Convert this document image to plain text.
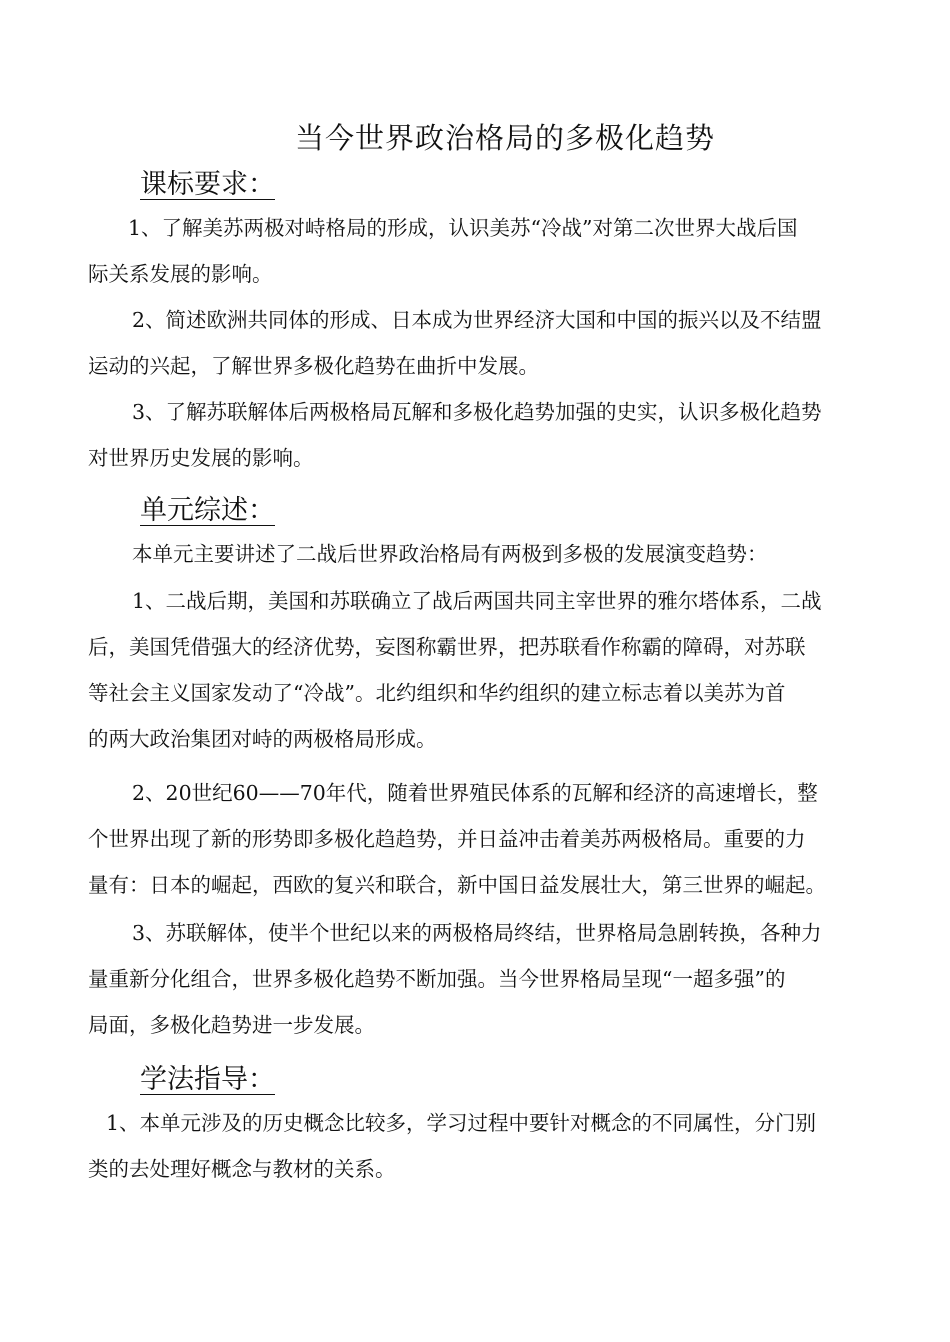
当今世界政治格局的多极化趋势
课标要求：
1、了解美苏两极对峙格局的形成，认识美苏“冷战”对第二次世界大战后国
际关系发展的影响。
2、简述欧洲共同体的形成、日本成为世界经济大国和中国的振兴以及不结盟
运动的兴起，了解世界多极化趋势在曲折中发展。
3、了解苏联解体后两极格局瓦解和多极化趋势加强的史实，认识多极化趋势
对世界历史发展的影响。
单元综述：
本单元主要讲述了二战后世界政治格局有两极到多极的发展演变趋势：
1、二战后期，美国和苏联确立了战后两国共同主宰世界的雅尔塔体系，二战
后，美国凭借强大的经济优势，妄图称霸世界，把苏联看作称霸的障碍，对苏联
等社会主义国家发动了“冷战”。北约组织和华约组织的建立标志着以美苏为首
的两大政治集团对峙的两极格局形成。
2、20世纪60——70年代，随着世界殖民体系的瓦解和经济的高速增长，整
个世界出现了新的形势即多极化趋趋势，并日益冲击着美苏两极格局。重要的力
量有：日本的崛起，西欧的复兴和联合，新中国日益发展壮大，第三世界的崛起。
3、苏联解体，使半个世纪以来的两极格局终结，世界格局急剧转换，各种力
量重新分化组合，世界多极化趋势不断加强。当今世界格局呈现“一超多强”的
局面，多极化趋势进一步发展。
学法指导：
1、本单元涉及的历史概念比较多，学习过程中要针对概念的不同属性，分门别
类的去处理好概念与教材的关系。
